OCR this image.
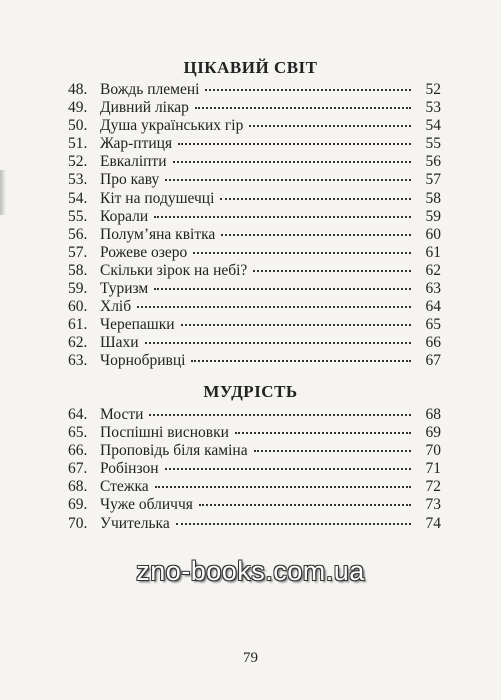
ЦІКАВИЙ СВІТ
48. Вождь племені	52
49. Дивний лікар	53
50. Душа українських гір	54
51. Жар-птиця	55
52. Евкаліпти	56
53. Про каву	57
54. Кіт на подушечці	58
55. Корали	59
56. Полум’яна квітка	60
57. Рожеве озеро	61
58. Скільки зірок на небі?	62
59. Туризм	63
60. Хліб	64
61. Черепашки	65
62. Шахи	66
63. Чорнобривці	67
МУДРІСТЬ
64. Мости	68
65. Поспішні висновки	69
66. Проповідь біля каміна	70
67. Робінзон	71
68. Стежка	72
69. Чуже обличчя	73
70. Учителька	74
zno-books.com.ua
79
